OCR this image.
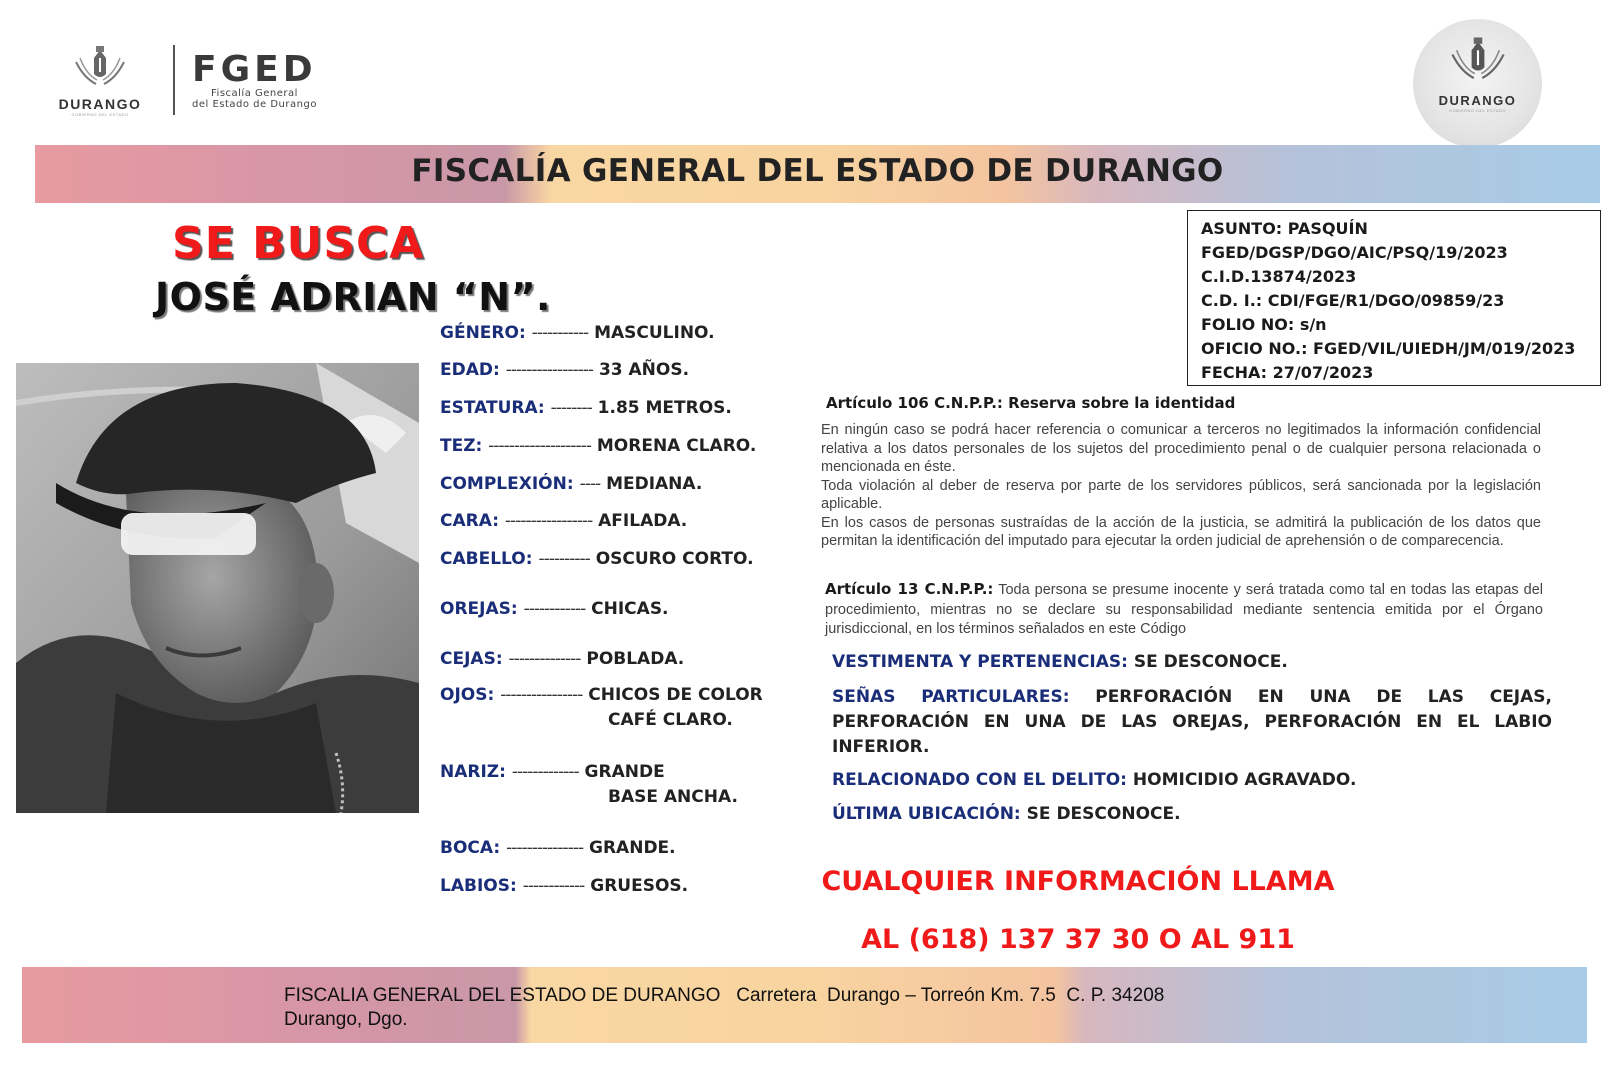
DURANGO
GOBIERNO DEL ESTADO
FGED
Fiscalía General
del Estado de Durango	DURANGO
GOBIERNO DEL ESTADO
FISCALÍA GENERAL DEL ESTADO DE DURANGO
SE BUSCA
JOSÉ ADRIAN “N”.
GÉNERO: ----------- MASCULINO.
EDAD: ----------------- 33 AÑOS.
ESTATURA: -------- 1.85 METROS.
TEZ: -------------------- MORENA CLARO.
COMPLEXIÓN: ---- MEDIANA.
CARA: ----------------- AFILADA.
CABELLO: ---------- OSCURO CORTO.
OREJAS: ------------ CHICAS.
CEJAS: -------------- POBLADA.
OJOS: ---------------- CHICOS DE COLOR
CAFÉ CLARO.
NARIZ: ------------- GRANDE
BASE ANCHA.
BOCA: --------------- GRANDE.
LABIOS: ------------ GRUESOS.
ASUNTO: PASQUÍN
FGED/DGSP/DGO/AIC/PSQ/19/2023
C.I.D.13874/2023
C.D. I.: CDI/FGE/R1/DGO/09859/23
FOLIO NO: s/n
OFICIO NO.: FGED/VIL/UIEDH/JM/019/2023
FECHA: 27/07/2023
Artículo 106 C.N.P.P.: Reserva sobre la identidad
En ningún caso se podrá hacer referencia o comunicar a terceros no legitimados la información confidencial relativa a los datos personales de los sujetos del procedimiento penal o de cualquier persona relacionada o mencionada en éste.
Toda violación al deber de reserva por parte de los servidores públicos, será sancionada por la legislación aplicable.
En los casos de personas sustraídas de la acción de la justicia, se admitirá la publicación de los datos que permitan la identificación del imputado para ejecutar la orden judicial de aprehensión o de comparecencia.
Artículo 13 C.N.P.P.: Toda persona se presume inocente y será tratada como tal en todas las etapas del procedimiento, mientras no se declare su responsabilidad mediante sentencia emitida por el Órgano jurisdiccional, en los términos señalados en este Código
VESTIMENTA Y PERTENENCIAS: SE DESCONOCE.
SEÑAS PARTICULARES: PERFORACIÓN EN UNA DE LAS CEJAS, PERFORACIÓN EN UNA DE LAS OREJAS, PERFORACIÓN EN EL LABIO INFERIOR.
RELACIONADO CON EL DELITO: HOMICIDIO AGRAVADO.
ÚLTIMA UBICACIÓN: SE DESCONOCE.
CUALQUIER INFORMACIÓN LLAMA
AL (618) 137 37 30 O AL 911
FISCALIA GENERAL DEL ESTADO DE DURANGO   Carretera  Durango – Torreón Km. 7.5  C. P. 34208
Durango, Dgo.
